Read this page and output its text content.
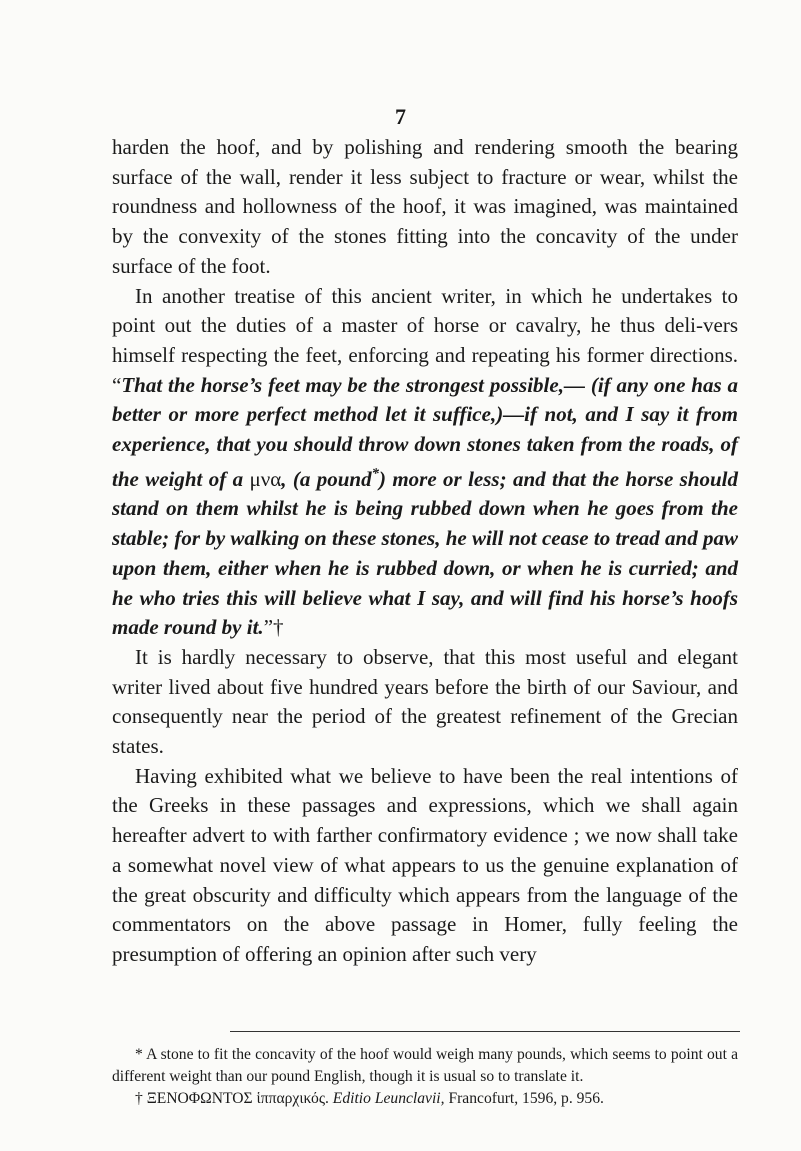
7

harden the hoof, and by polishing and rendering smooth the bearing surface of the wall, render it less subject to fracture or wear, whilst the roundness and hollowness of the hoof, it was imagined, was maintained by the convexity of the stones fitting into the concavity of the under surface of the foot.

In another treatise of this ancient writer, in which he undertakes to point out the duties of a master of horse or cavalry, he thus deli-vers himself respecting the feet, enforcing and repeating his former directions. “That the horse’s feet may be the strongest possible,— (if any one has a better or more perfect method let it suffice,)—if not, and I say it from experience, that you should throw down stones taken from the roads, of the weight of a μνα, (a pound*) more or less; and that the horse should stand on them whilst he is being rubbed down when he goes from the stable; for by walking on these stones, he will not cease to tread and paw upon them, either when he is rubbed down, or when he is curried; and he who tries this will believe what I say, and will find his horse’s hoofs made round by it.”†

It is hardly necessary to observe, that this most useful and elegant writer lived about five hundred years before the birth of our Saviour, and consequently near the period of the greatest refinement of the Grecian states.

Having exhibited what we believe to have been the real intentions of the Greeks in these passages and expressions, which we shall again hereafter advert to with farther confirmatory evidence ; we now shall take a somewhat novel view of what appears to us the genuine explanation of the great obscurity and difficulty which appears from the language of the commentators on the above passage in Homer, fully feeling the presumption of offering an opinion after such very

* A stone to fit the concavity of the hoof would weigh many pounds, which seems to point out a different weight than our pound English, though it is usual so to translate it.

† ΞΕΝΟΦΩΝΤΟΣ ἱππαρχικός. Editio Leunclavii, Francofurt, 1596, p. 956.
